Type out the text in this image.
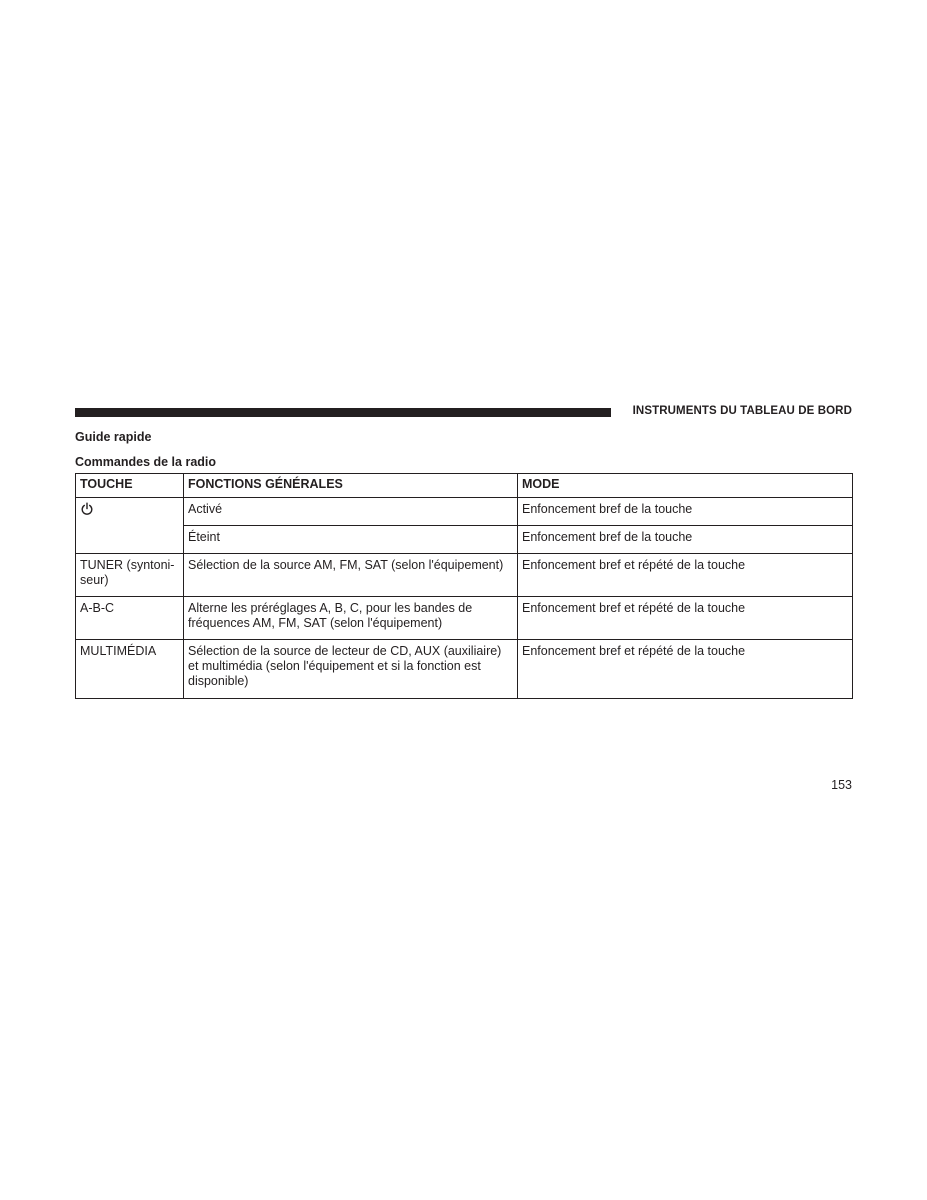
INSTRUMENTS DU TABLEAU DE BORD
Guide rapide
Commandes de la radio
TOUCHE	FONCTIONS GÉNÉRALES	MODE
	Activé	Enfoncement bref de la touche
	Éteint	Enfoncement bref de la touche
TUNER (syntoni-seur)	Sélection de la source AM, FM, SAT (selon l'équipement)	Enfoncement bref et répété de la touche
A-B-C	Alterne les préréglages A, B, C, pour les bandes de fréquences AM, FM, SAT (selon l'équipement)	Enfoncement bref et répété de la touche
MULTIMÉDIA	Sélection de la source de lecteur de CD, AUX (auxiliaire) et multimédia (selon l'équipement et si la fonction est disponible)	Enfoncement bref et répété de la touche
153
